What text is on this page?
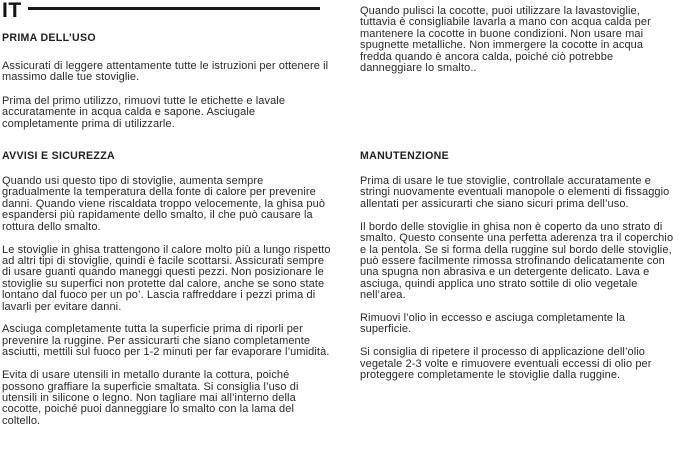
IT
PRIMA DELL’USO

Assicurati di leggere attentamente tutte le istruzioni per ottenere il massimo dalle tue stoviglie.

Prima del primo utilizzo, rimuovi tutte le etichette e lavale accuratamente in acqua calda e sapone. Asciugale completamente prima di utilizzarle.

Quando pulisci la cocotte, puoi utilizzare la lavastoviglie, tuttavia è consigliabile lavarla a mano con acqua calda per mantenere la cocotte in buone condizioni. Non usare mai spugnette metalliche. Non immergere la cocotte in acqua fredda quando è ancora calda, poiché ciò potrebbe danneggiare lo smalto..

AVVISI E SICUREZZA

Quando usi questo tipo di stoviglie, aumenta sempre gradualmente la temperatura della fonte di calore per prevenire danni. Quando viene riscaldata troppo velocemente, la ghisa può espandersi più rapidamente dello smalto, il che può causare la rottura dello smalto.

Le stoviglie in ghisa trattengono il calore molto più a lungo rispetto ad altri tipi di stoviglie, quindi è facile scottarsi. Assicurati sempre di usare guanti quando maneggi questi pezzi. Non posizionare le stoviglie su superfici non protette dal calore, anche se sono state lontano dal fuoco per un po’. Lascia raffreddare i pezzi prima di lavarli per evitare danni.

Asciuga completamente tutta la superficie prima di riporli per prevenire la ruggine. Per assicurarti che siano completamente asciutti, mettili sul fuoco per 1-2 minuti per far evaporare l’umidità.

Evita di usare utensili in metallo durante la cottura, poiché possono graffiare la superficie smaltata. Si consiglia l’uso di utensili in silicone o legno. Non tagliare mai all’interno della cocotte, poiché puoi danneggiare lo smalto con la lama del coltello.

MANUTENZIONE

Prima di usare le tue stoviglie, controllale accuratamente e stringi nuovamente eventuali manopole o elementi di fissaggio allentati per assicurarti che siano sicuri prima dell’uso.

Il bordo delle stoviglie in ghisa non è coperto da uno strato di smalto. Questo consente una perfetta aderenza tra il coperchio e la pentola. Se si forma della ruggine sul bordo delle stoviglie, può essere facilmente rimossa strofinando delicatamente con una spugna non abrasiva e un detergente delicato. Lava e asciuga, quindi applica uno strato sottile di olio vegetale nell’area.

Rimuovi l’olio in eccesso e asciuga completamente la superficie.

Si consiglia di ripetere il processo di applicazione dell’olio vegetale 2-3 volte e rimuovere eventuali eccessi di olio per proteggere completamente le stoviglie dalla ruggine.
